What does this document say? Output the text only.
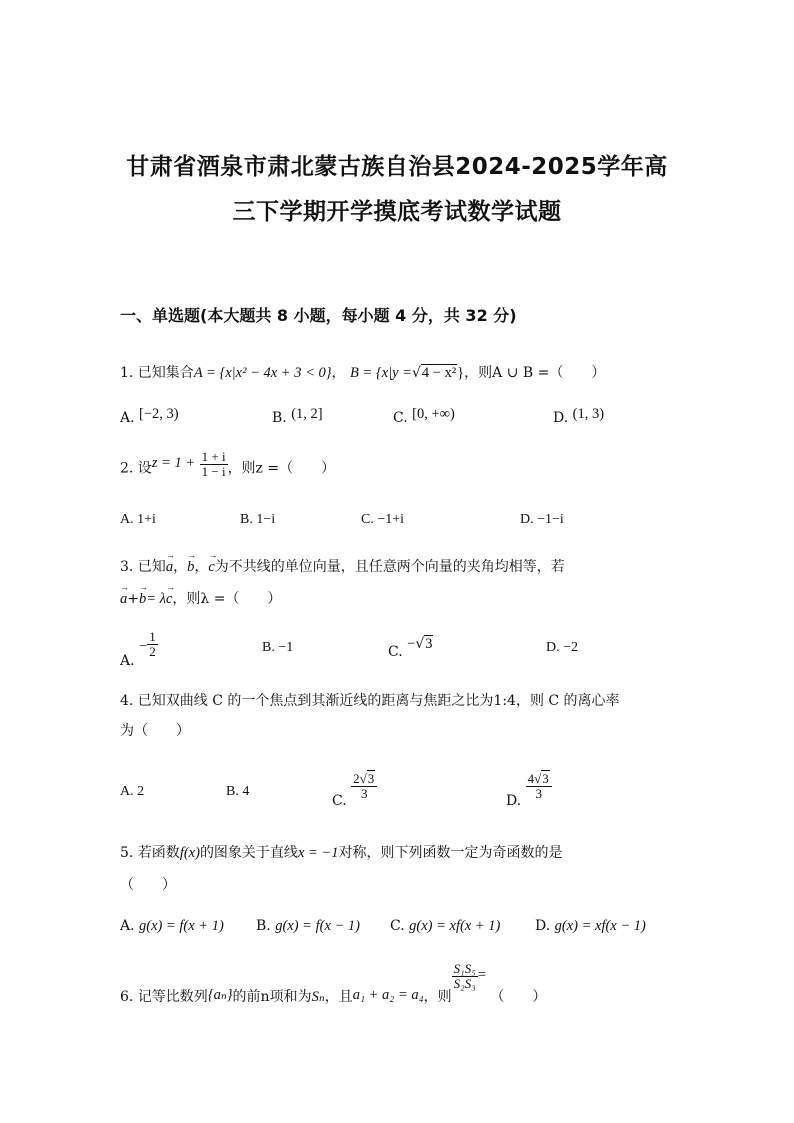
甘肃省酒泉市肃北蒙古族自治县2024-2025学年高
三下学期开学摸底考试数学试题
一、单选题(本大题共 8 小题，每小题 4 分，共 32 分)
1. 已知集合A = {x|x² − 4x + 3 < 0}， B = {x|y =√4 − x²}，则A ∪ B =（　　）
A. [−2, 3)	B. (1, 2]	C. [0, +∞)	D. (1, 3)
2. 设$z = 1 + \frac{1 + i}{1 - i}$ ，则z =（　　）
A. 1+i	B. 1−i	C. −1+i	D. −1−i
3. 已知a →，b →，c →为不共线的单位向量，且任意两个向量的夹角均相等，若
a →+b →= λc →，则λ =（　　）
A. − $\frac{1}{2}$	B. −1	C. −√3	D. −2
4. 已知双曲线 C 的一个焦点到其渐近线的距离与焦距之比为1:4，则 C 的离心率
为（　　）
A. 2	B. 4
C. $\frac{2√3}{3}$	D. $\frac{4√3}{3}$
5. 若函数f(x)的图象关于直线x = −1对称，则下列函数一定为奇函数的是
（　　）
A. g(x) = f(x + 1) B. g(x) = f(x − 1) C. g(x) = xf(x + 1) D. g(x) = xf(x − 1)
6. 记等比数列{aₙ}的前n项和为Sₙ，且a₁ + a₂ = a₄，则
$\frac{\text{S₁S₅}}{\text{S₂S₃}}$ = （　　）
